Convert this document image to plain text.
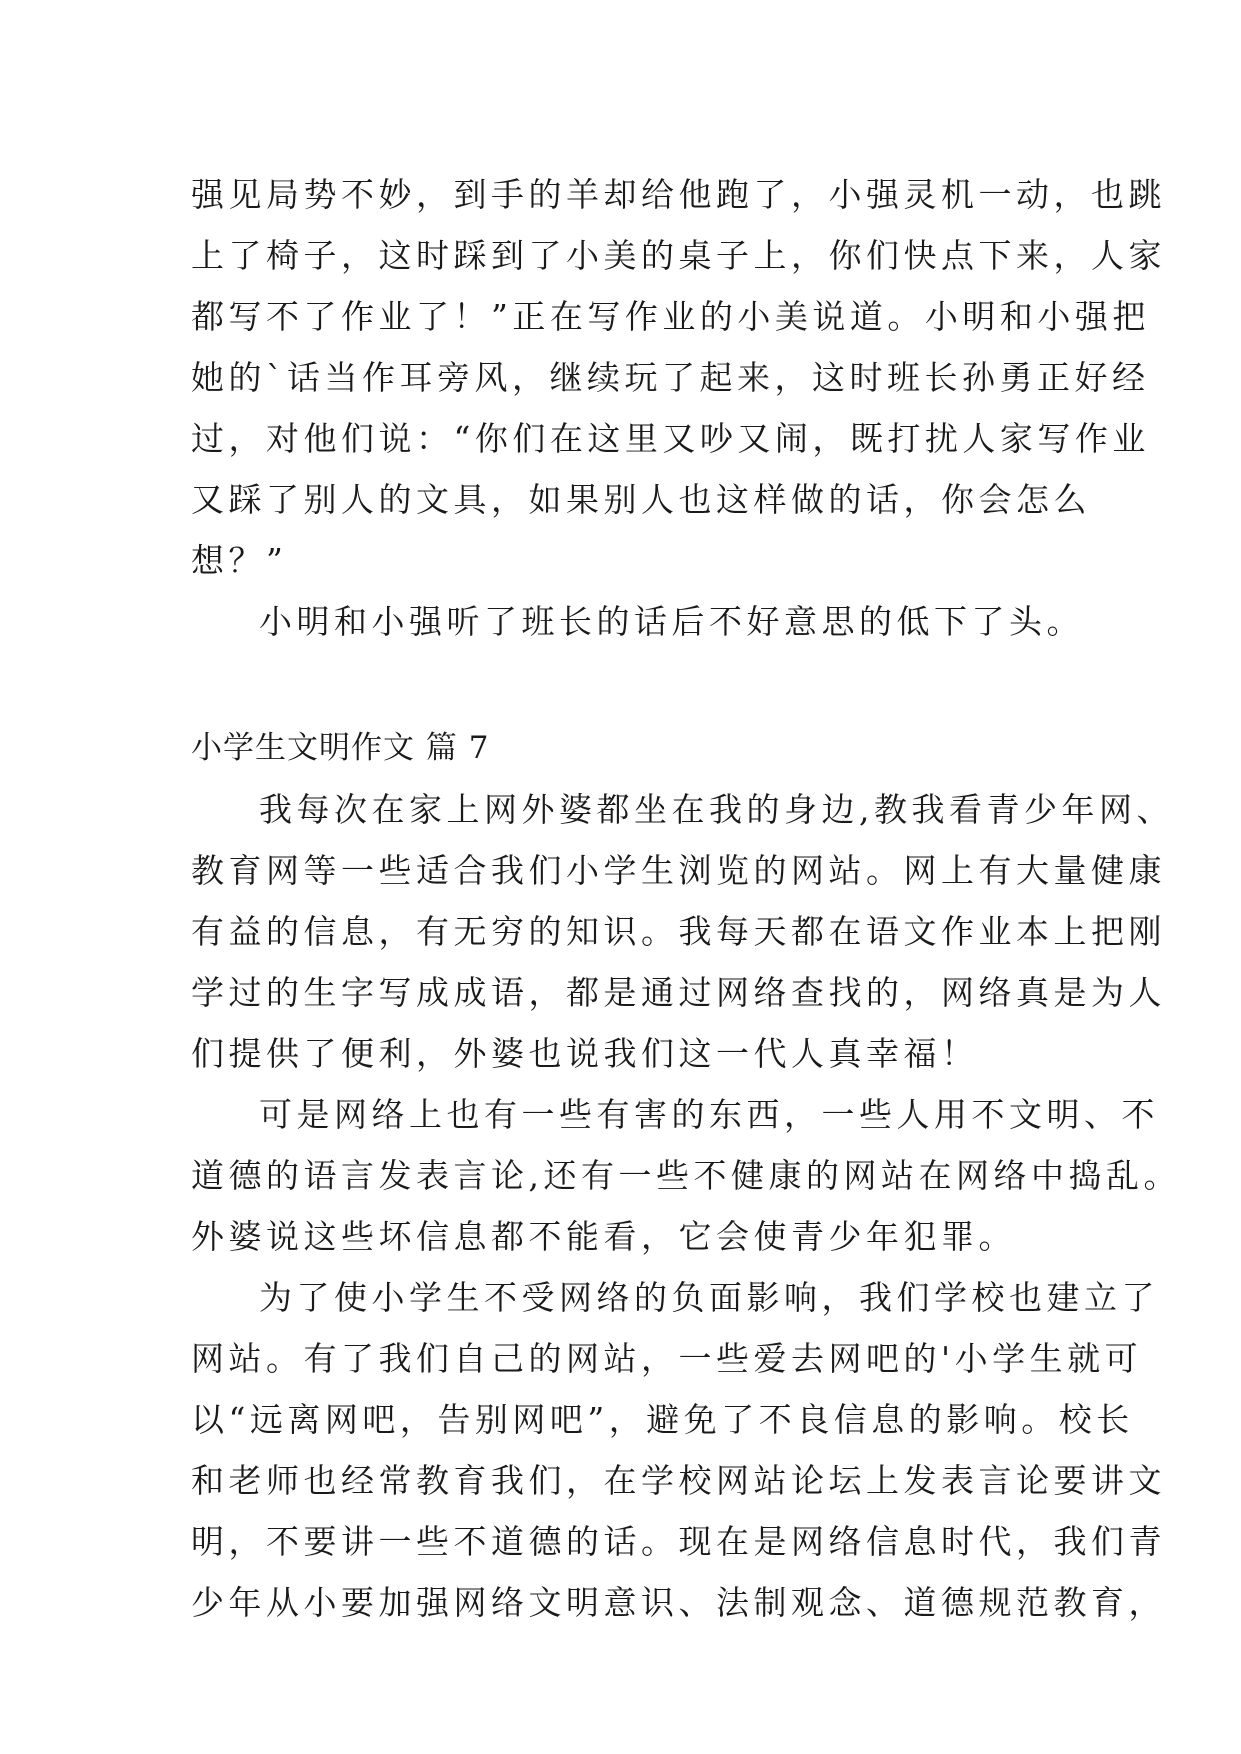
强见局势不妙，到手的羊却给他跑了，小强灵机一动，也跳
上了椅子，这时踩到了小美的桌子上，你们快点下来，人家
都写不了作业了！”正在写作业的小美说道。小明和小强把
她的`话当作耳旁风，继续玩了起来，这时班长孙勇正好经
过，对他们说：“你们在这里又吵又闹，既打扰人家写作业
又踩了别人的文具，如果别人也这样做的话，你会怎么
想？”
小明和小强听了班长的话后不好意思的低下了头。
小学生文明作文 篇 7
我每次在家上网外婆都坐在我的身边,教我看青少年网、
教育网等一些适合我们小学生浏览的网站。网上有大量健康
有益的信息，有无穷的知识。我每天都在语文作业本上把刚
学过的生字写成成语，都是通过网络查找的，网络真是为人
们提供了便利，外婆也说我们这一代人真幸福！
可是网络上也有一些有害的东西，一些人用不文明、不
道德的语言发表言论,还有一些不健康的网站在网络中捣乱。
外婆说这些坏信息都不能看，它会使青少年犯罪。
为了使小学生不受网络的负面影响，我们学校也建立了
网站。有了我们自己的网站，一些爱去网吧的'小学生就可
以“远离网吧，告别网吧”，避免了不良信息的影响。校长
和老师也经常教育我们，在学校网站论坛上发表言论要讲文
明，不要讲一些不道德的话。现在是网络信息时代，我们青
少年从小要加强网络文明意识、法制观念、道德规范教育，
